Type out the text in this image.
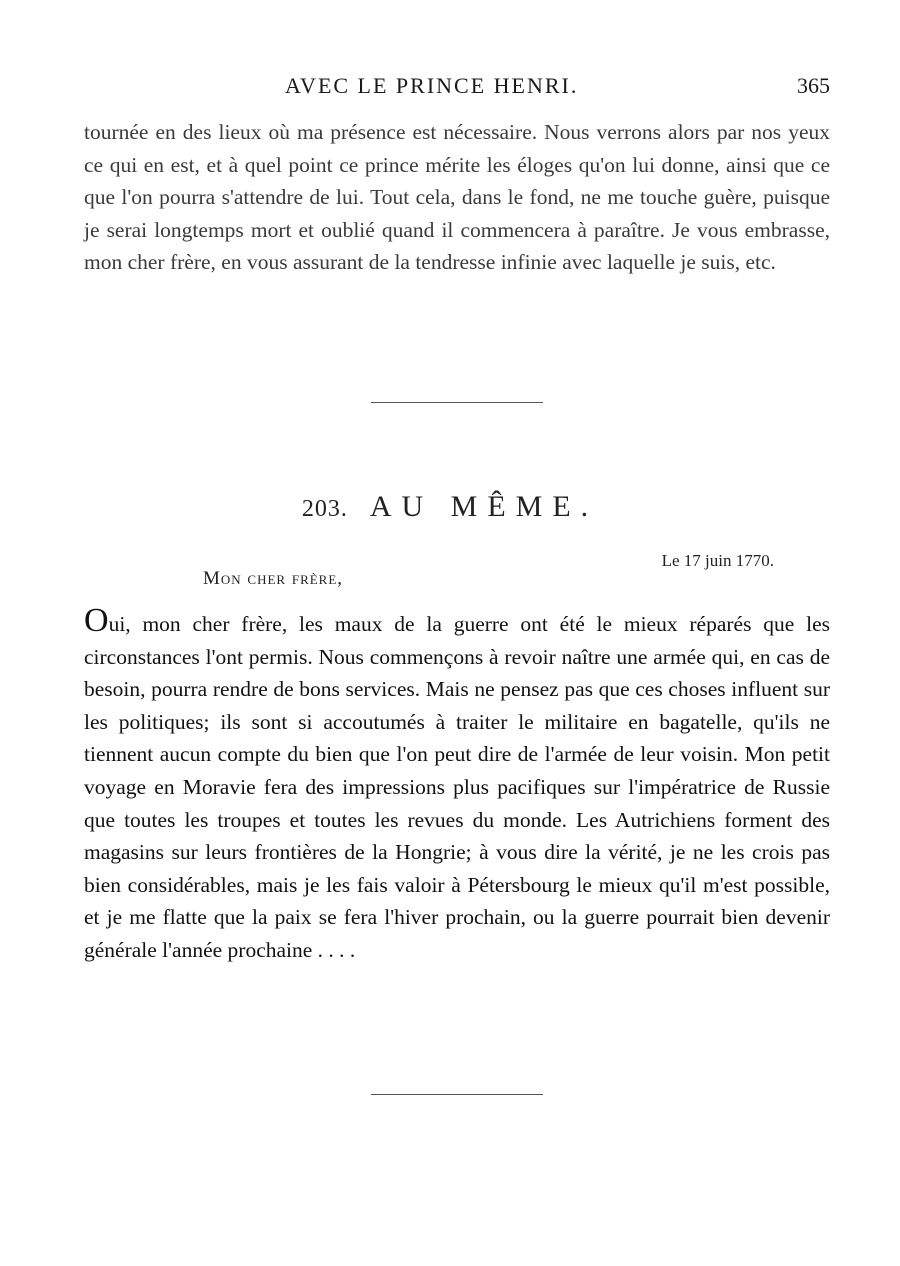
AVEC LE PRINCE HENRI.	365

tournée en des lieux où ma présence est nécessaire. Nous verrons alors par nos yeux ce qui en est, et à quel point ce prince mérite les éloges qu'on lui donne, ainsi que ce que l'on pourra s'attendre de lui. Tout cela, dans le fond, ne me touche guère, puisque je serai longtemps mort et oublié quand il commencera à paraître. Je vous embrasse, mon cher frère, en vous assurant de la tendresse infinie avec laquelle je suis, etc.

203. AU MÊME.
Le 17 juin 1770.
Mon cher frère,

Oui, mon cher frère, les maux de la guerre ont été le mieux réparés que les circonstances l'ont permis. Nous commençons à revoir naître une armée qui, en cas de besoin, pourra rendre de bons services. Mais ne pensez pas que ces choses influent sur les politiques; ils sont si accoutumés à traiter le militaire en bagatelle, qu'ils ne tiennent aucun compte du bien que l'on peut dire de l'armée de leur voisin. Mon petit voyage en Moravie fera des impressions plus pacifiques sur l'impératrice de Russie que toutes les troupes et toutes les revues du monde. Les Autrichiens forment des magasins sur leurs frontières de la Hongrie; à vous dire la vérité, je ne les crois pas bien considérables, mais je les fais valoir à Pétersbourg le mieux qu'il m'est possible, et je me flatte que la paix se fera l'hiver prochain, ou la guerre pourrait bien devenir générale l'année prochaine . . . .
